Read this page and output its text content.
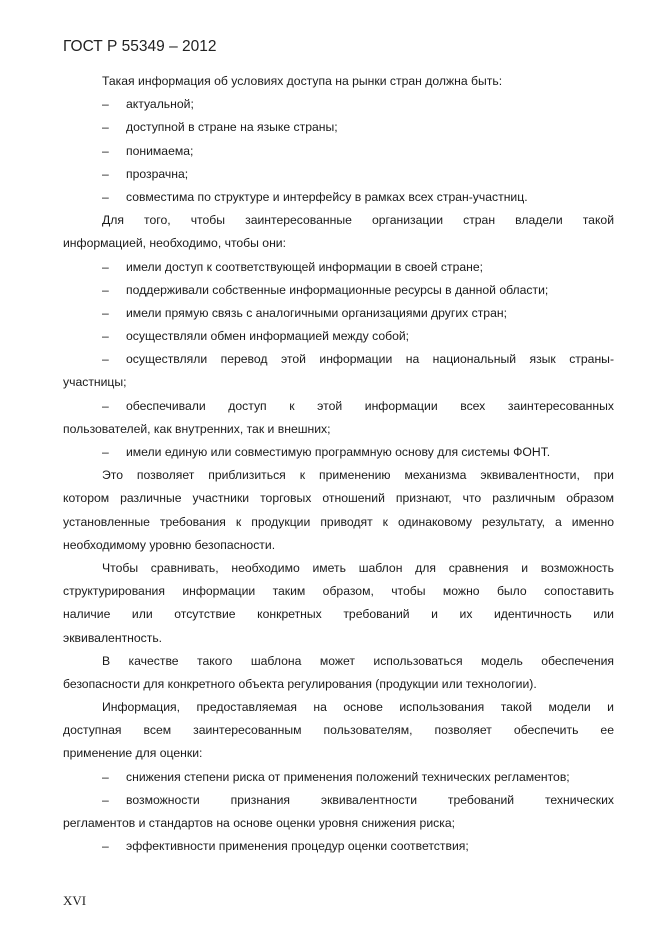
ГОСТ Р 55349 – 2012
Такая информация об условиях доступа на рынки стран должна быть:
– актуальной;
– доступной в стране на языке страны;
– понимаема;
– прозрачна;
– совместима по структуре и интерфейсу в рамках всех стран-участниц.
Для того, чтобы заинтересованные организации стран владели такой
информацией, необходимо, чтобы они:
– имели доступ к соответствующей информации в своей стране;
– поддерживали собственные информационные ресурсы в данной области;
– имели прямую связь с аналогичными организациями других стран;
– осуществляли обмен информацией между собой;
– осуществляли перевод этой информации на национальный язык страны-
участницы;
– обеспечивали доступ к этой информации всех заинтересованных
пользователей, как внутренних, так и внешних;
– имели единую или совместимую программную основу для системы ФОНТ.
Это позволяет приблизиться к применению механизма эквивалентности, при
котором различные участники торговых отношений признают, что различным образом
установленные требования к продукции приводят к одинаковому результату, а именно
необходимому уровню безопасности.
Чтобы сравнивать, необходимо иметь шаблон для сравнения и возможность
структурирования информации таким образом, чтобы можно было сопоставить
наличие или отсутствие конкретных требований и их идентичность или
эквивалентность.
В качестве такого шаблона может использоваться модель обеспечения
безопасности для конкретного объекта регулирования (продукции или технологии).
Информация, предоставляемая на основе использования такой модели и
доступная всем заинтересованным пользователям, позволяет обеспечить ее
применение для оценки:
– снижения степени риска от применения положений технических регламентов;
– возможности признания эквивалентности требований технических
регламентов и стандартов на основе оценки уровня снижения риска;
– эффективности применения процедур оценки соответствия;
XVI
